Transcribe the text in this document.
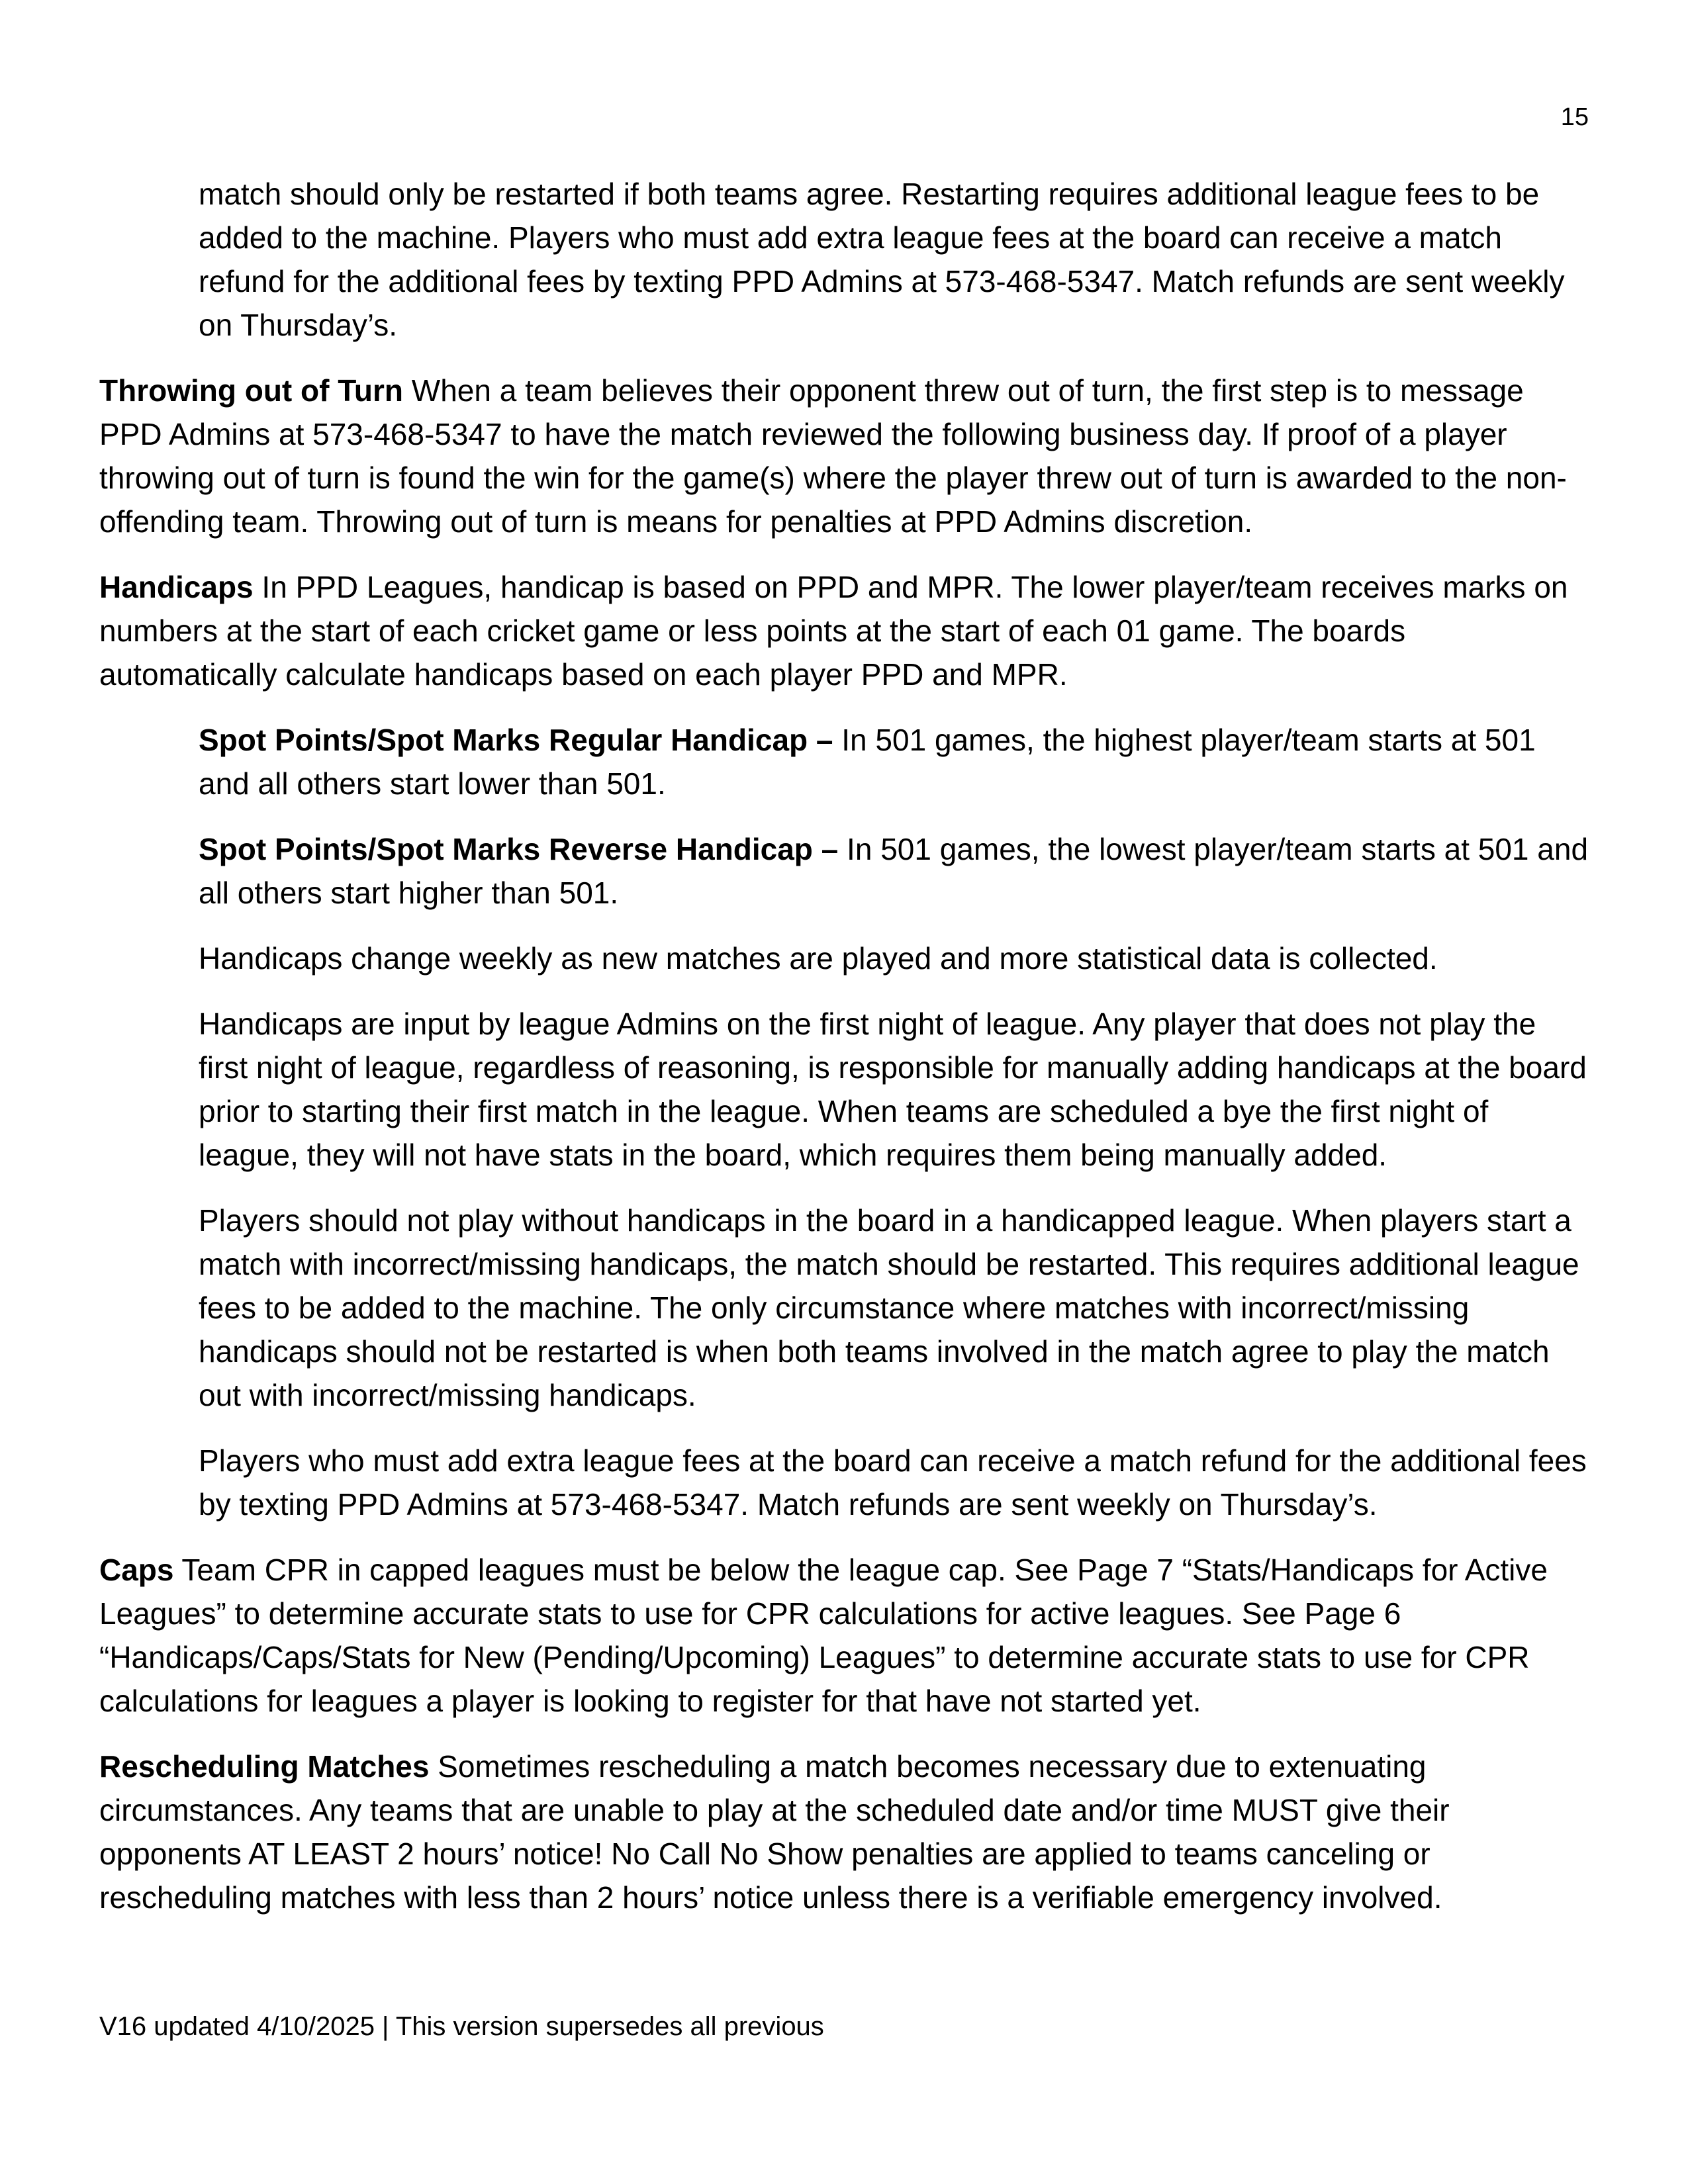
15

match should only be restarted if both teams agree. Restarting requires additional league fees to be added to the machine. Players who must add extra league fees at the board can receive a match refund for the additional fees by texting PPD Admins at 573-468-5347. Match refunds are sent weekly on Thursday’s.

Throwing out of Turn When a team believes their opponent threw out of turn, the first step is to message PPD Admins at 573-468-5347 to have the match reviewed the following business day. If proof of a player throwing out of turn is found the win for the game(s) where the player threw out of turn is awarded to the non-offending team. Throwing out of turn is means for penalties at PPD Admins discretion.

Handicaps In PPD Leagues, handicap is based on PPD and MPR. The lower player/team receives marks on numbers at the start of each cricket game or less points at the start of each 01 game. The boards automatically calculate handicaps based on each player PPD and MPR.

Spot Points/Spot Marks Regular Handicap – In 501 games, the highest player/team starts at 501 and all others start lower than 501.

Spot Points/Spot Marks Reverse Handicap – In 501 games, the lowest player/team starts at 501 and all others start higher than 501.

Handicaps change weekly as new matches are played and more statistical data is collected.

Handicaps are input by league Admins on the first night of league. Any player that does not play the first night of league, regardless of reasoning, is responsible for manually adding handicaps at the board prior to starting their first match in the league. When teams are scheduled a bye the first night of league, they will not have stats in the board, which requires them being manually added.

Players should not play without handicaps in the board in a handicapped league. When players start a match with incorrect/missing handicaps, the match should be restarted. This requires additional league fees to be added to the machine. The only circumstance where matches with incorrect/missing handicaps should not be restarted is when both teams involved in the match agree to play the match out with incorrect/missing handicaps.

Players who must add extra league fees at the board can receive a match refund for the additional fees by texting PPD Admins at 573-468-5347. Match refunds are sent weekly on Thursday’s.

Caps Team CPR in capped leagues must be below the league cap. See Page 7 “Stats/Handicaps for Active Leagues” to determine accurate stats to use for CPR calculations for active leagues. See Page 6 “Handicaps/Caps/Stats for New (Pending/Upcoming) Leagues” to determine accurate stats to use for CPR calculations for leagues a player is looking to register for that have not started yet.

Rescheduling Matches Sometimes rescheduling a match becomes necessary due to extenuating circumstances. Any teams that are unable to play at the scheduled date and/or time MUST give their opponents AT LEAST 2 hours’ notice! No Call No Show penalties are applied to teams canceling or rescheduling matches with less than 2 hours’ notice unless there is a verifiable emergency involved.

V16 updated 4/10/2025 | This version supersedes all previous
